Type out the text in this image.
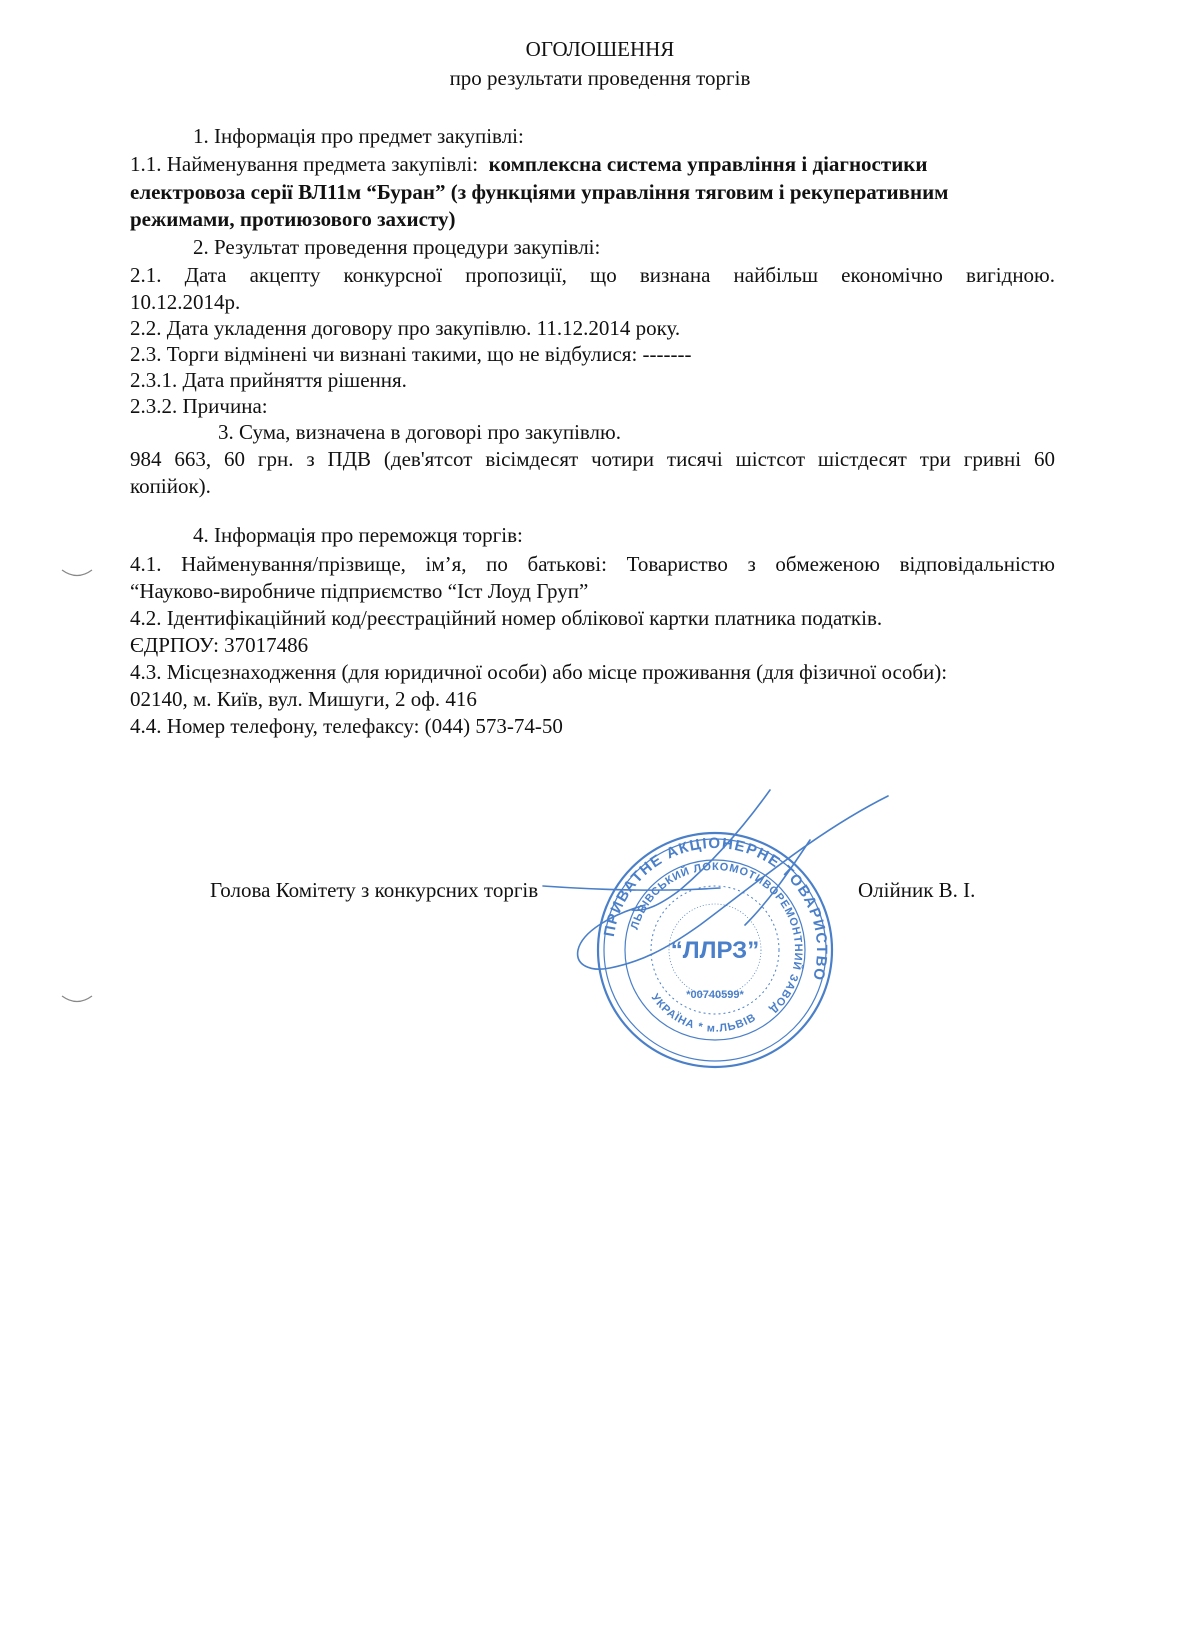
ОГОЛОШЕННЯ
про результати проведення торгів
1. Інформація про предмет закупівлі:
1.1. Найменування предмета закупівлі: комплексна система управління і діагностики
електровоза серії ВЛ11м “Буран” (з функціями управління тяговим і рекуперативним
режимами, протиюзового захисту)
2. Результат проведення процедури закупівлі:
2.1. Дата акцепту конкурсної пропозиції, що визнана найбільш економічно вигідною.
10.12.2014р.
2.2. Дата укладення договору про закупівлю. 11.12.2014 року.
2.3. Торги відмінені чи визнані такими, що не відбулися: -------
2.3.1. Дата прийняття рішення.
2.3.2. Причина:
3. Сума, визначена в договорі про закупівлю.
984 663, 60 грн. з ПДВ (дев'ятсот вісімдесят чотири тисячі шістсот шістдесят три гривні 60
копійок).
4. Інформація про переможця торгів:
4.1. Найменування/прізвище, ім’я, по батькові: Товариство з обмеженою відповідальністю
“Науково-виробниче підприємство “Іст Лоуд Груп”
4.2. Ідентифікаційний код/реєстраційний номер облікової картки платника податків.
ЄДРПОУ: 37017486
4.3. Місцезнаходження (для юридичної особи) або місце проживання (для фізичної особи):
02140, м. Київ, вул. Мишуги, 2 оф. 416
4.4. Номер телефону, телефаксу: (044) 573-74-50
Голова Комітету з конкурсних торгів	Олійник В. І.
ПРИВАТНЕ АКЦІОНЕРНЕ ТОВАРИСТВО
ЛЬВІВСЬКИЙ ЛОКОМОТИВОРЕМОНТНИЙ ЗАВОД
“ЛЛРЗ”
*00740599*
УКРАЇНА * м.ЛЬВІВ
